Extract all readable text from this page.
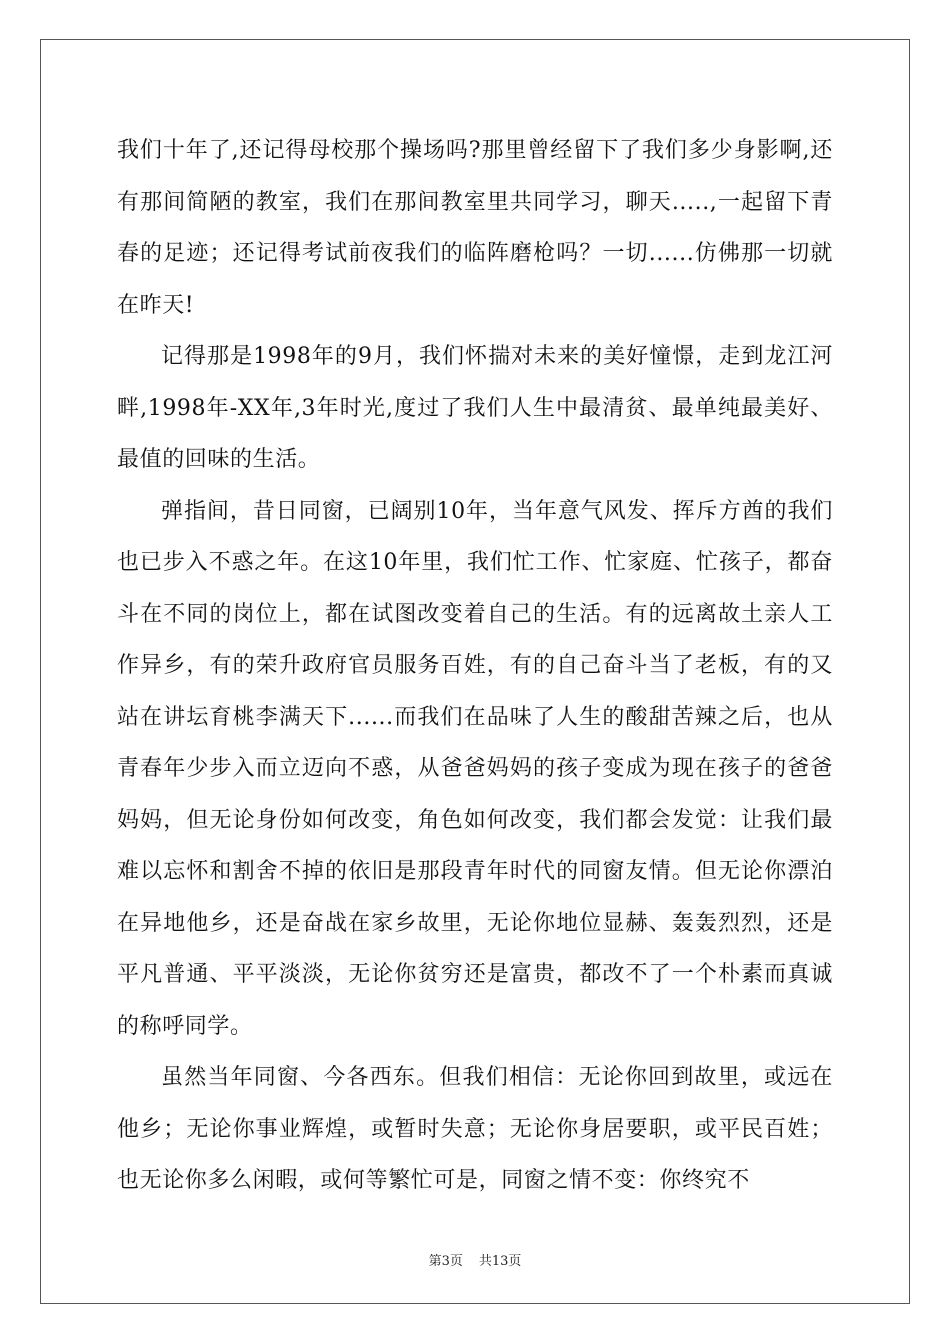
我们十年了,还记得母校那个操场吗?那里曾经留下了我们多少身影啊,还有那间简陋的教室，我们在那间教室里共同学习，聊天.....,一起留下青春的足迹；还记得考试前夜我们的临阵磨枪吗？一切......仿佛那一切就在昨天!

记得那是1998年的9月，我们怀揣对未来的美好憧憬，走到龙江河畔,1998年-XX年,3年时光,度过了我们人生中最清贫、最单纯最美好、最值的回味的生活。

弹指间，昔日同窗，已阔别10年，当年意气风发、挥斥方酋的我们也已步入不惑之年。在这10年里，我们忙工作、忙家庭、忙孩子，都奋斗在不同的岗位上，都在试图改变着自己的生活。有的远离故土亲人工作异乡，有的荣升政府官员服务百姓，有的自己奋斗当了老板，有的又站在讲坛育桃李满天下......而我们在品味了人生的酸甜苦辣之后，也从青春年少步入而立迈向不惑，从爸爸妈妈的孩子变成为现在孩子的爸爸妈妈，但无论身份如何改变，角色如何改变，我们都会发觉：让我们最难以忘怀和割舍不掉的依旧是那段青年时代的同窗友情。但无论你漂泊在异地他乡，还是奋战在家乡故里，无论你地位显赫、轰轰烈烈，还是平凡普通、平平淡淡，无论你贫穷还是富贵，都改不了一个朴素而真诚的称呼同学。

虽然当年同窗、今各西东。但我们相信：无论你回到故里，或远在他乡；无论你事业辉煌，或暂时失意；无论你身居要职，或平民百姓；也无论你多么闲暇，或何等繁忙可是，同窗之情不变：你终究不

第3页 共13页
